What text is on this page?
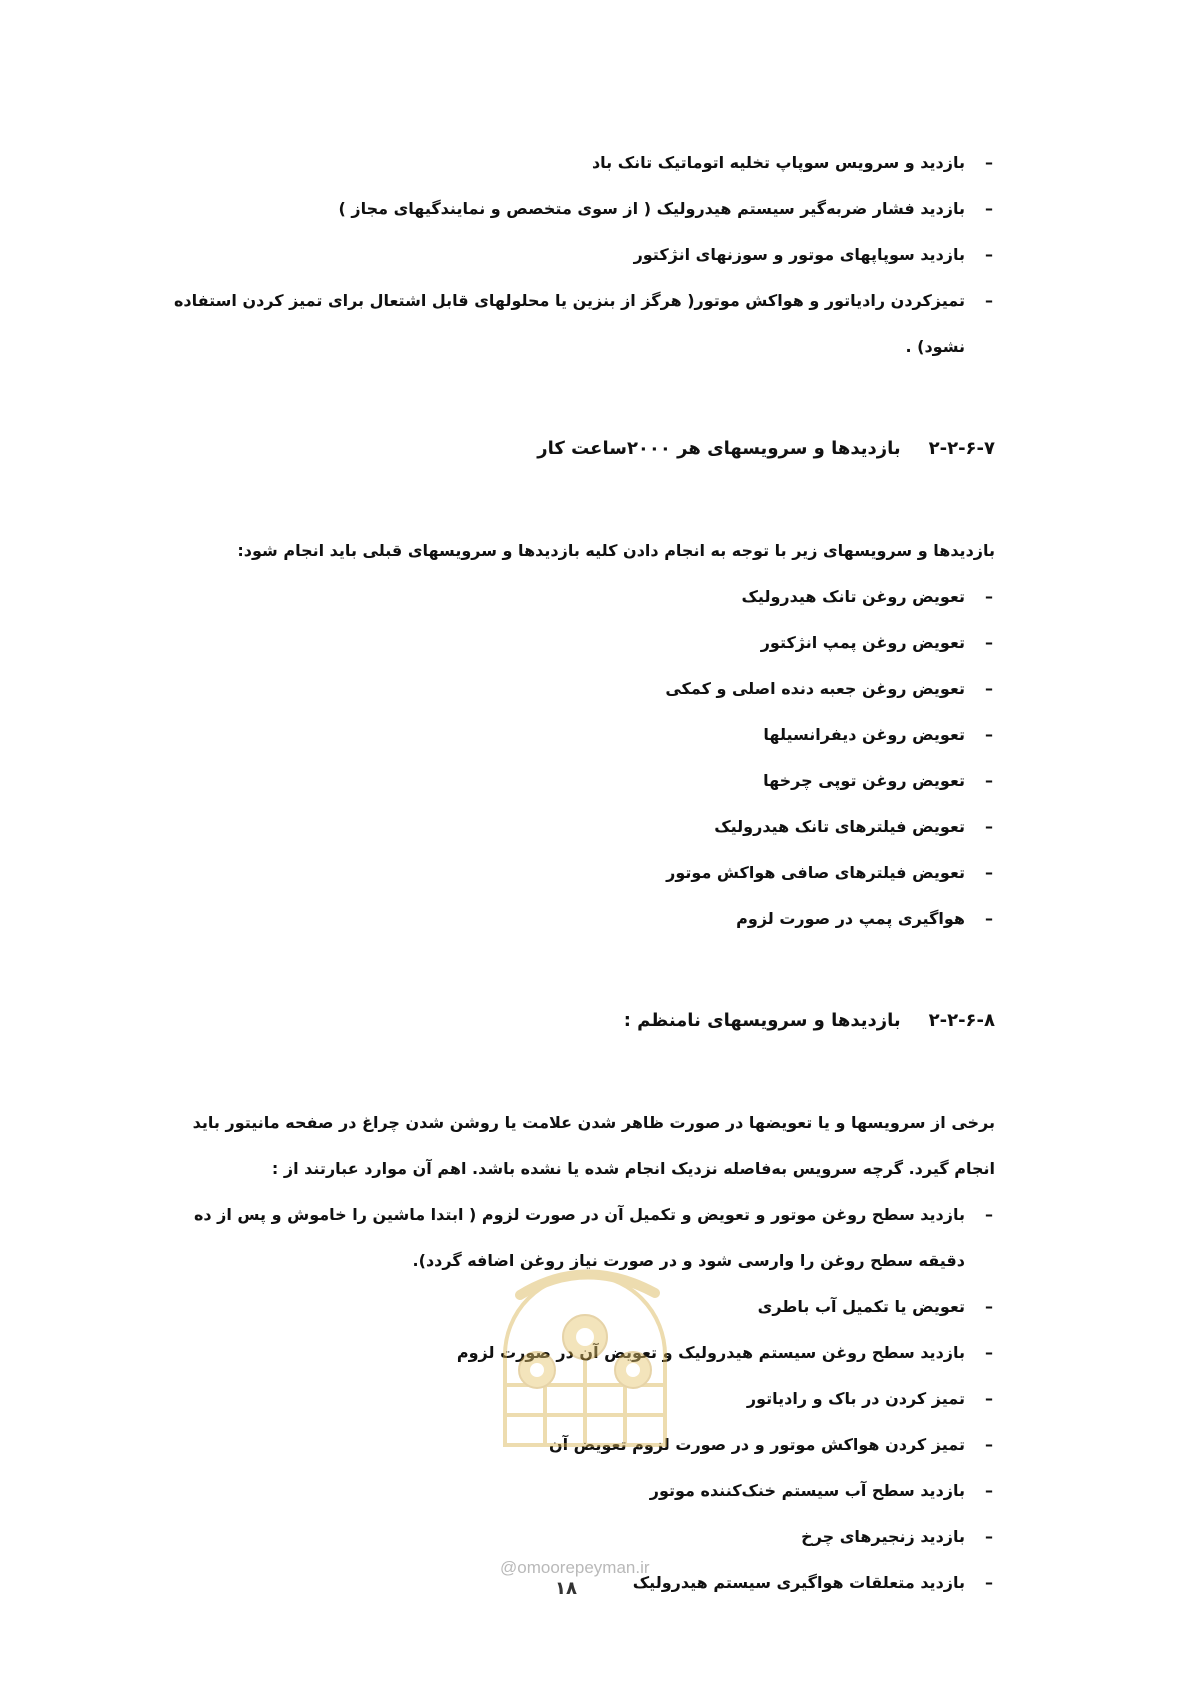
–
بازدید و سرویس سوپاپ تخلیه اتوماتیک تانک باد
–
بازدید فشار ضربه‌گیر سیستم هیدرولیک ( از سوی متخصص و نمایندگیهای مجاز )
–
بازدید سوپاپهای موتور و سوزنهای انژکتور
–
تمیزکردن رادیاتور و هواکش موتور( هرگز از بنزین یا محلولهای قابل اشتعال برای تمیز کردن استفاده نشود) .
۲-۲-۶-۷بازدیدها و سرویسهای هر ۲۰۰۰ساعت کار

بازدیدها و سرویسهای زیر با توجه به انجام دادن کلیه بازدیدها و سرویسهای قبلی باید انجام شود:

–
تعویض روغن تانک هیدرولیک
–
تعویض روغن پمپ انژکتور
–
تعویض روغن جعبه دنده اصلی و کمکی
–
تعویض روغن دیفرانسیلها
–
تعویض روغن توپی چرخها
–
تعویض فیلترهای تانک هیدرولیک
–
تعویض فیلترهای صافی هواکش موتور
–
هواگیری پمپ در صورت لزوم
۲-۲-۶-۸بازدیدها و سرویسهای نامنظم :

برخی از سرویسها و یا تعویضها در صورت ظاهر شدن علامت یا روشن شدن چراغ در صفحه مانیتور باید انجام گیرد. گرچه سرویس به‌فاصله نزدیک انجام شده یا نشده باشد. اهم آن موارد عبارتند از :

–
بازدید سطح روغن موتور و تعویض و تکمیل آن در صورت لزوم ( ابتدا ماشین را خاموش و پس از ده دقیقه سطح روغن را وارسی شود و در صورت نیاز روغن اضافه گردد).
–
تعویض یا تکمیل آب باطری
–
بازدید سطح روغن سیستم هیدرولیک و تعویض آن در صورت لزوم
–
تمیز کردن در باک و رادیاتور
–
تمیز کردن هواکش موتور و در صورت لزوم تعویض آن
–
بازدید سطح آب سیستم خنک‌کننده موتور
–
بازدید زنجیرهای چرخ
–
بازدید متعلقات هواگیری سیستم هیدرولیک
@omoorepeyman.ir
۱۸
